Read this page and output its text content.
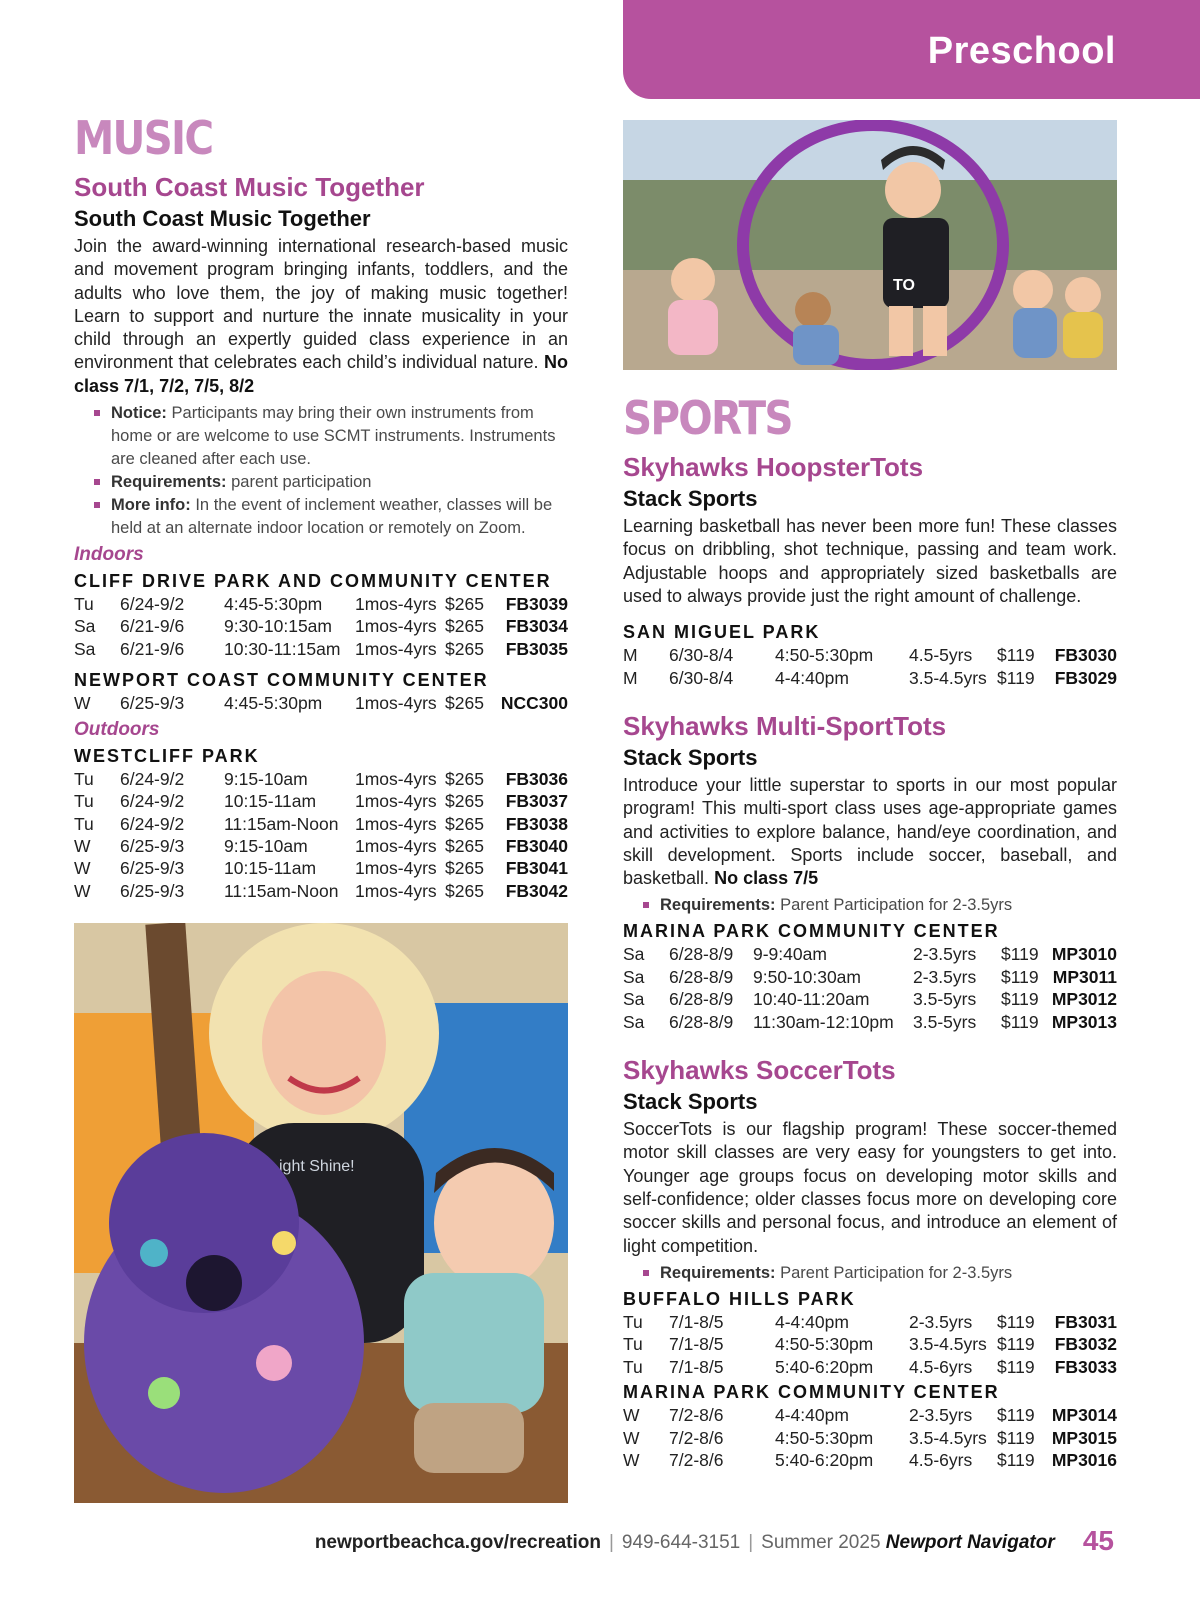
Preschool
MUSIC
South Coast Music Together
South Coast Music Together
Join the award-winning international research-based music and movement program bringing infants, toddlers, and the adults who love them, the joy of making music together! Learn to support and nurture the innate musicality in your child through an expertly guided class experience in an environment that celebrates each child’s individual nature. No class 7/1, 7/2, 7/5, 8/2
Notice: Participants may bring their own instruments from home or are welcome to use SCMT instruments. Instruments are cleaned after each use.
Requirements: parent participation
More info: In the event of inclement weather, classes will be held at an alternate indoor location or remotely on Zoom.
Indoors
CLIFF DRIVE PARK AND COMMUNITY CENTER
Tu	6/24-9/2	4:45-5:30pm	1mos-4yrs	$265	FB3039
Sa	6/21-9/6	9:30-10:15am	1mos-4yrs	$265	FB3034
Sa	6/21-9/6	10:30-11:15am	1mos-4yrs	$265	FB3035
NEWPORT COAST COMMUNITY CENTER
W	6/25-9/3	4:45-5:30pm	1mos-4yrs	$265	NCC300
Outdoors
WESTCLIFF PARK
Tu	6/24-9/2	9:15-10am	1mos-4yrs	$265	FB3036
Tu	6/24-9/2	10:15-11am	1mos-4yrs	$265	FB3037
Tu	6/24-9/2	11:15am-Noon	1mos-4yrs	$265	FB3038
W	6/25-9/3	9:15-10am	1mos-4yrs	$265	FB3040
W	6/25-9/3	10:15-11am	1mos-4yrs	$265	FB3041
W	6/25-9/3	11:15am-Noon	1mos-4yrs	$265	FB3042
ight Shine!
TO
SPORTS
Skyhawks HoopsterTots
Stack Sports
Learning basketball has never been more fun! These classes focus on dribbling, shot technique, passing and team work. Adjustable hoops and appropriately sized basketballs are used to always provide just the right amount of challenge.
SAN MIGUEL PARK
M	6/30-8/4	4:50-5:30pm	4.5-5yrs	$119	FB3030
M	6/30-8/4	4-4:40pm	3.5-4.5yrs	$119	FB3029
Skyhawks Multi-SportTots
Stack Sports
Introduce your little superstar to sports in our most popular program! This multi-sport class uses age-appropriate games and activities to explore balance, hand/eye coordination, and skill development. Sports include soccer, baseball, and basketball. No class 7/5
Requirements: Parent Participation for 2-3.5yrs
MARINA PARK COMMUNITY CENTER
Sa	6/28-8/9	9-9:40am	2-3.5yrs	$119	MP3010
Sa	6/28-8/9	9:50-10:30am	2-3.5yrs	$119	MP3011
Sa	6/28-8/9	10:40-11:20am	3.5-5yrs	$119	MP3012
Sa	6/28-8/9	11:30am-12:10pm	3.5-5yrs	$119	MP3013
Skyhawks SoccerTots
Stack Sports
SoccerTots is our flagship program! These soccer-themed motor skill classes are very easy for youngsters to get into. Younger age groups focus on developing motor skills and self-confidence; older classes focus more on developing core soccer skills and personal focus, and introduce an element of light competition.
Requirements: Parent Participation for 2-3.5yrs
BUFFALO HILLS PARK
Tu	7/1-8/5	4-4:40pm	2-3.5yrs	$119	FB3031
Tu	7/1-8/5	4:50-5:30pm	3.5-4.5yrs	$119	FB3032
Tu	7/1-8/5	5:40-6:20pm	4.5-6yrs	$119	FB3033
MARINA PARK COMMUNITY CENTER
W	7/2-8/6	4-4:40pm	2-3.5yrs	$119	MP3014
W	7/2-8/6	4:50-5:30pm	3.5-4.5yrs	$119	MP3015
W	7/2-8/6	5:40-6:20pm	4.5-6yrs	$119	MP3016
newportbeachca.gov/recreation | 949-644-3151 | Summer 2025 Newport Navigator	45
